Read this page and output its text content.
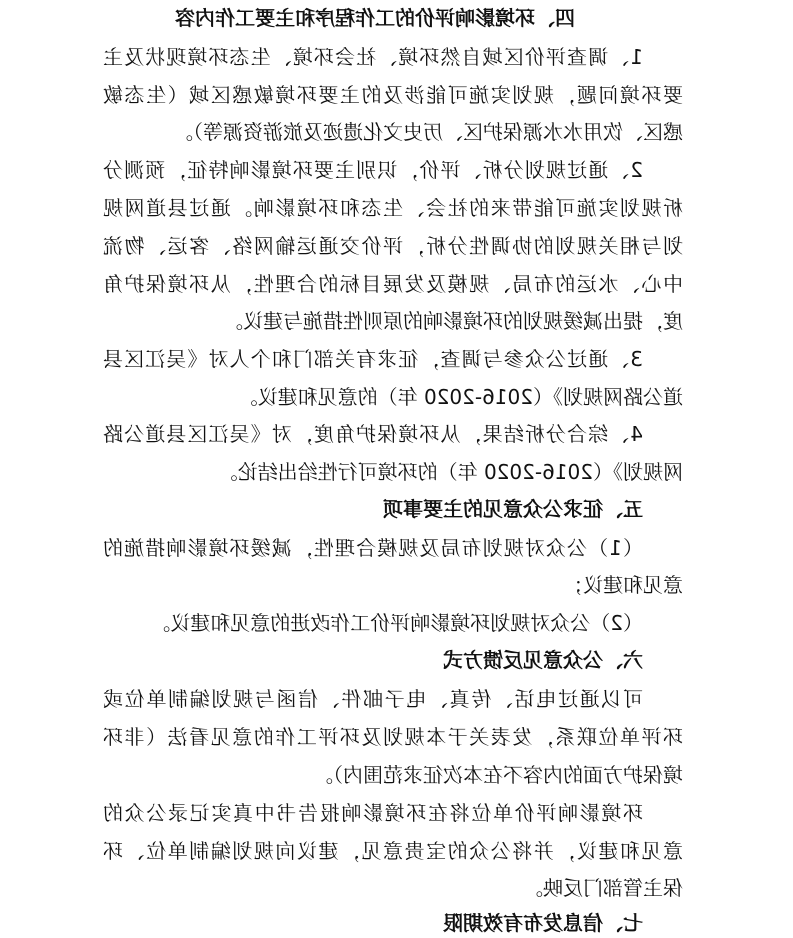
四、环境影响评价的工作程序和主要工作内容
1、调查评价区域自然环境、社会环境、生态环境现状及主
要环境问题，规划实施可能涉及的主要环境敏感区域（生态敏
感区、饮用水水源保护区、历史文化遗迹及旅游资源等）。
2、通过规划分析、评价，识别主要环境影响特征，预测分
析规划实施可能带来的社会、生态和环境影响。通过县道网规
划与相关规划的协调性分析，评价交通运输网络、客运、物流
中心、水运的布局、规模及发展目标的合理性，从环境保护角
度，提出减缓规划的环境影响的原则性措施与建议。
3、通过公众参与调查，征求有关部门和个人对《吴江区县
道公路网规划》（2016-2020 年）的意见和建议。
4、综合分析结果，从环境保护角度，对《吴江区县道公路
网规划》（2016-2020 年）的环境可行性给出结论。
五、征求公众意见的主要事项
（1）公众对规划布局及规模合理性，减缓环境影响措施的
意见和建议；
（2）公众对规划环境影响评价工作改进的意见和建议。
六、公众意见反馈方式
可以通过电话、传真、电子邮件、信函与规划编制单位或
环评单位联系，发表关于本规划及环评工作的意见看法（非环
境保护方面的内容不在本次征求范围内）。
环境影响评价单位将在环境影响报告书中真实记录公众的
意见和建议，并将公众的宝贵意见，建议向规划编制单位、环
保主管部门反映。
七、信息发布有效期限
